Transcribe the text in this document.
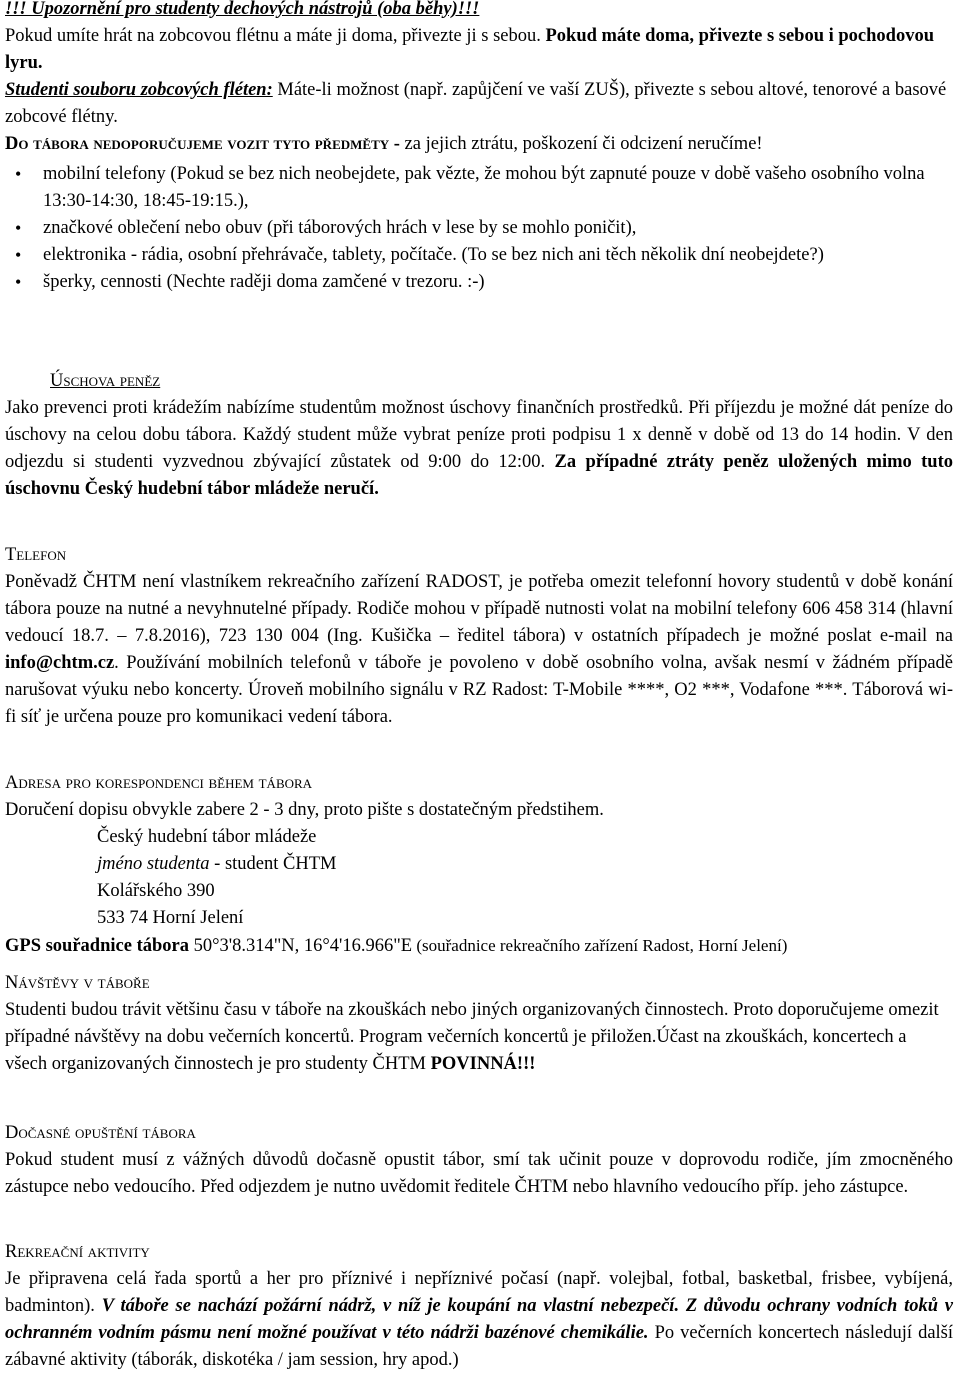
!!! Upozornění pro studenty dechových nástrojů (oba běhy)!!!

Pokud umíte hrát na zobcovou flétnu a máte ji doma, přivezte ji s sebou. Pokud máte doma, přivezte s sebou i pochodovou lyru.

Studenti souboru zobcových fléten: Máte-li možnost (např. zapůjčení ve vaší ZUŠ), přivezte s sebou altové, tenorové a basové zobcové flétny.

Do tábora nedoporučujeme vozit tyto předměty - za jejich ztrátu, poškození či odcizení neručíme!

• mobilní telefony (Pokud se bez nich neobejdete, pak vězte, že mohou být zapnuté pouze v době vašeho osobního volna 13:30-14:30, 18:45-19:15.),
• značkové oblečení nebo obuv (při táborových hrách v lese by se mohlo poničit),
• elektronika - rádia, osobní přehrávače, tablety, počítače. (To se bez nich ani těch několik dní neobejdete?)
• šperky, cennosti (Nechte raději doma zamčené v trezoru. :-)

Úschova peněz

Jako prevenci proti krádežím nabízíme studentům možnost úschovy finančních prostředků. Při příjezdu je možné dát peníze do úschovy na celou dobu tábora. Každý student může vybrat peníze proti podpisu 1 x denně v době od 13 do 14 hodin. V den odjezdu si studenti vyzvednou zbývající zůstatek od 9:00 do 12:00. Za případné ztráty peněz uložených mimo tuto úschovnu Český hudební tábor mládeže neručí.

Telefon

Poněvadž ČHTM není vlastníkem rekreačního zařízení RADOST, je potřeba omezit telefonní hovory studentů v době konání tábora pouze na nutné a nevyhnutelné případy. Rodiče mohou v případě nutnosti volat na mobilní telefony 606 458 314 (hlavní vedoucí 18.7. – 7.8.2016), 723 130 004 (Ing. Kušička – ředitel tábora) v ostatních případech je možné poslat e-mail na info@chtm.cz. Používání mobilních telefonů v táboře je povoleno v době osobního volna, avšak nesmí v žádném případě narušovat výuku nebo koncerty. Úroveň mobilního signálu v RZ Radost: T-Mobile ****, O2 ***, Vodafone ***. Táborová wi-fi síť je určena pouze pro komunikaci vedení tábora.

Adresa pro korespondenci během tábora

Doručení dopisu obvykle zabere 2 - 3 dny, proto pište s dostatečným předstihem.

Český hudební tábor mládeže

jméno studenta - student ČHTM

Kolářského 390

533 74 Horní Jelení

GPS souřadnice tábora 50°3'8.314"N, 16°4'16.966"E (souřadnice rekreačního zařízení Radost, Horní Jelení)

Návštěvy v táboře

Studenti budou trávit většinu času v táboře na zkouškách nebo jiných organizovaných činnostech. Proto doporučujeme omezit případné návštěvy na dobu večerních koncertů. Program večerních koncertů je přiložen.Účast na zkouškách, koncertech a všech organizovaných činnostech je pro studenty ČHTM POVINNÁ!!!

Dočasné opuštění tábora

Pokud student musí z vážných důvodů dočasně opustit tábor, smí tak učinit pouze v doprovodu rodiče, jím zmocněného zástupce nebo vedoucího. Před odjezdem je nutno uvědomit ředitele ČHTM nebo hlavního vedoucího příp. jeho zástupce.

Rekreační aktivity

Je připravena celá řada sportů a her pro příznivé i nepříznivé počasí (např. volejbal, fotbal, basketbal, frisbee, vybíjená, badminton). V táboře se nachází požární nádrž, v níž je koupání na vlastní nebezpečí. Z důvodu ochrany vodních toků v ochranném vodním pásmu není možné používat v této nádrži bazénové chemikálie. Po večerních koncertech následují další zábavné aktivity (táborák, diskotéka / jam session, hry apod.)
